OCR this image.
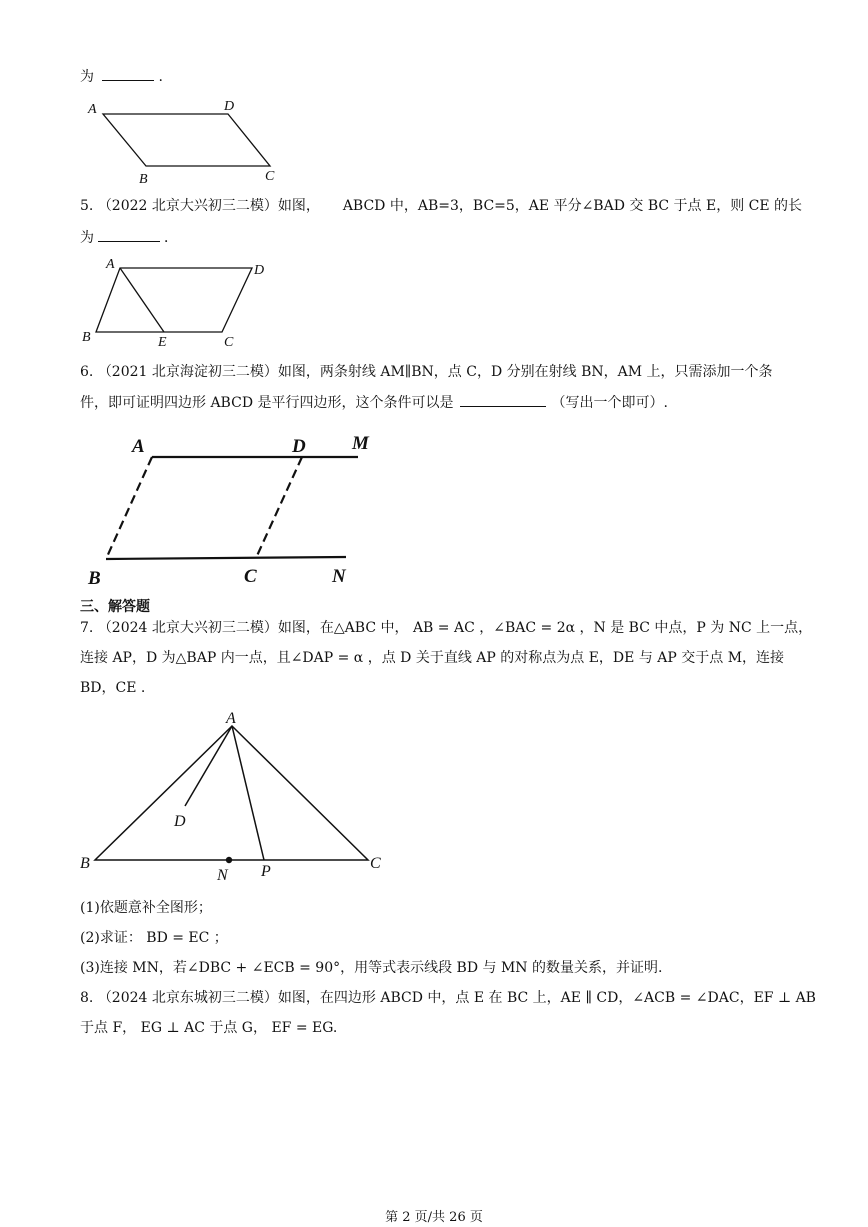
为	.
A	D
B	C
5. （2022 北京大兴初三二模）如图， ABCD 中，AB=3，BC=5，AE 平分∠BAD 交 BC 于点 E，则 CE 的长
为	．
A	D
B	E	C
6. （2021 北京海淀初三二模）如图，两条射线 AM∥BN，点 C，D 分别在射线 BN，AM 上，只需添加一个条
件，即可证明四边形 ABCD 是平行四边形，这个条件可以是	（写出一个即可）.
A	D M
B	C	N
三、解答题
7. （2024 北京大兴初三二模）如图，在△ABC 中， AB = AC ，∠BAC = 2α ，N 是 BC 中点，P 为 NC 上一点，
连接 AP，D 为△BAP 内一点，且∠DAP = α ，点 D 关于直线 AP 的对称点为点 E，DE 与 AP 交于点 M，连接
BD，CE .
A
D
B
N P	C
(1)依题意补全图形；
(2)求证： BD = EC ；
(3)连接 MN，若∠DBC + ∠ECB = 90°，用等式表示线段 BD 与 MN 的数量关系，并证明.
8. （2024 北京东城初三二模）如图，在四边形 ABCD 中，点 E 在 BC 上，AE ∥ CD，∠ACB = ∠DAC，EF ⊥ AB
于点 F， EG ⊥ AC 于点 G， EF = EG.
第 2 页/共 26 页
